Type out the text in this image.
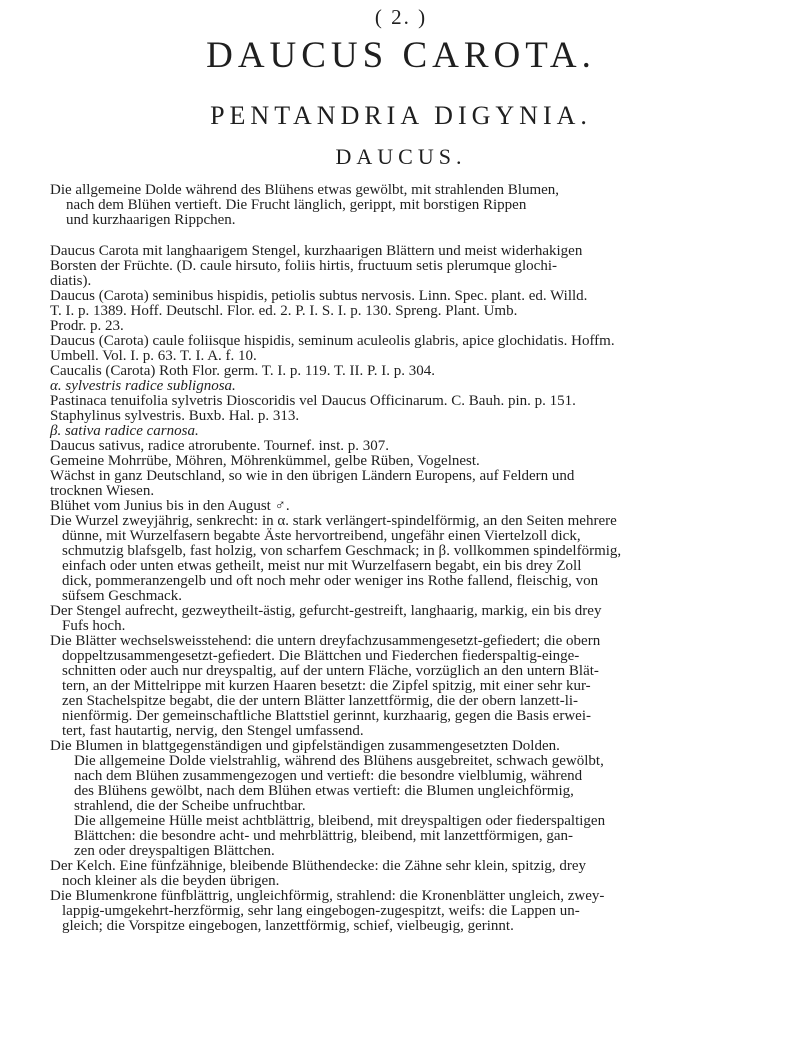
( 2. )
DAUCUS CAROTA.
PENTANDRIA DIGYNIA.
DAUCUS.
Die allgemeine Dolde während des Blühens etwas gewölbt, mit strahlenden Blumen,
nach dem Blühen vertieft. Die Frucht länglich, gerippt, mit borstigen Rippen
und kurzhaarigen Rippchen.
Daucus Carota mit langhaarigem Stengel, kurzhaarigen Blättern und meist widerhakigen
Borsten der Früchte. (D. caule hirsuto, foliis hirtis, fructuum setis plerumque glochi-
diatis).
Daucus (Carota) seminibus hispidis, petiolis subtus nervosis. Linn. Spec. plant. ed. Willd.
T. I. p. 1389. Hoff. Deutschl. Flor. ed. 2. P. I. S. I. p. 130. Spreng. Plant. Umb.
Prodr. p. 23.
Daucus (Carota) caule foliisque hispidis, seminum aculeolis glabris, apice glochidatis. Hoffm.
Umbell. Vol. I. p. 63. T. I. A. f. 10.
Caucalis (Carota) Roth Flor. germ. T. I. p. 119. T. II. P. I. p. 304.
α. sylvestris radice sublignosa.
Pastinaca tenuifolia sylvetris Dioscoridis vel Daucus Officinarum. C. Bauh. pin. p. 151.
Staphylinus sylvestris. Buxb. Hal. p. 313.
β. sativa radice carnosa.
Daucus sativus, radice atrorubente. Tournef. inst. p. 307.
Gemeine Mohrrübe, Möhren, Möhrenkümmel, gelbe Rüben, Vogelnest.
Wächst in ganz Deutschland, so wie in den übrigen Ländern Europens, auf Feldern und
trocknen Wiesen.
Blühet vom Junius bis in den August ♂.
Die Wurzel zweyjährig, senkrecht: in α. stark verlängert-spindelförmig, an den Seiten mehrere
dünne, mit Wurzelfasern begabte Äste hervortreibend, ungefähr einen Viertelzoll dick,
schmutzig blafsgelb, fast holzig, von scharfem Geschmack; in β. vollkommen spindelförmig,
einfach oder unten etwas getheilt, meist nur mit Wurzelfasern begabt, ein bis drey Zoll
dick, pommeranzengelb und oft noch mehr oder weniger ins Rothe fallend, fleischig, von
süfsem Geschmack.
Der Stengel aufrecht, gezweytheilt-ästig, gefurcht-gestreift, langhaarig, markig, ein bis drey
Fufs hoch.
Die Blätter wechselsweisstehend: die untern dreyfachzusammengesetzt-gefiedert; die obern
doppeltzusammengesetzt-gefiedert. Die Blättchen und Fiederchen fiederspaltig-einge-
schnitten oder auch nur dreyspaltig, auf der untern Fläche, vorzüglich an den untern Blät-
tern, an der Mittelrippe mit kurzen Haaren besetzt: die Zipfel spitzig, mit einer sehr kur-
zen Stachelspitze begabt, die der untern Blätter lanzettförmig, die der obern lanzett-li-
nienförmig. Der gemeinschaftliche Blattstiel gerinnt, kurzhaarig, gegen die Basis erwei-
tert, fast hautartig, nervig, den Stengel umfassend.
Die Blumen in blattgegenständigen und gipfelständigen zusammengesetzten Dolden.
Die allgemeine Dolde vielstrahlig, während des Blühens ausgebreitet, schwach gewölbt,
nach dem Blühen zusammengezogen und vertieft: die besondre vielblumig, während
des Blühens gewölbt, nach dem Blühen etwas vertieft: die Blumen ungleichförmig,
strahlend, die der Scheibe unfruchtbar.
Die allgemeine Hülle meist achtblättrig, bleibend, mit dreyspaltigen oder fiederspaltigen
Blättchen: die besondre acht- und mehrblättrig, bleibend, mit lanzettförmigen, gan-
zen oder dreyspaltigen Blättchen.
Der Kelch. Eine fünfzähnige, bleibende Blüthendecke: die Zähne sehr klein, spitzig, drey
noch kleiner als die beyden übrigen.
Die Blumenkrone fünfblättrig, ungleichförmig, strahlend: die Kronenblätter ungleich, zwey-
lappig-umgekehrt-herzförmig, sehr lang eingebogen-zugespitzt, weifs: die Lappen un-
gleich; die Vorspitze eingebogen, lanzettförmig, schief, vielbeugig, gerinnt.
